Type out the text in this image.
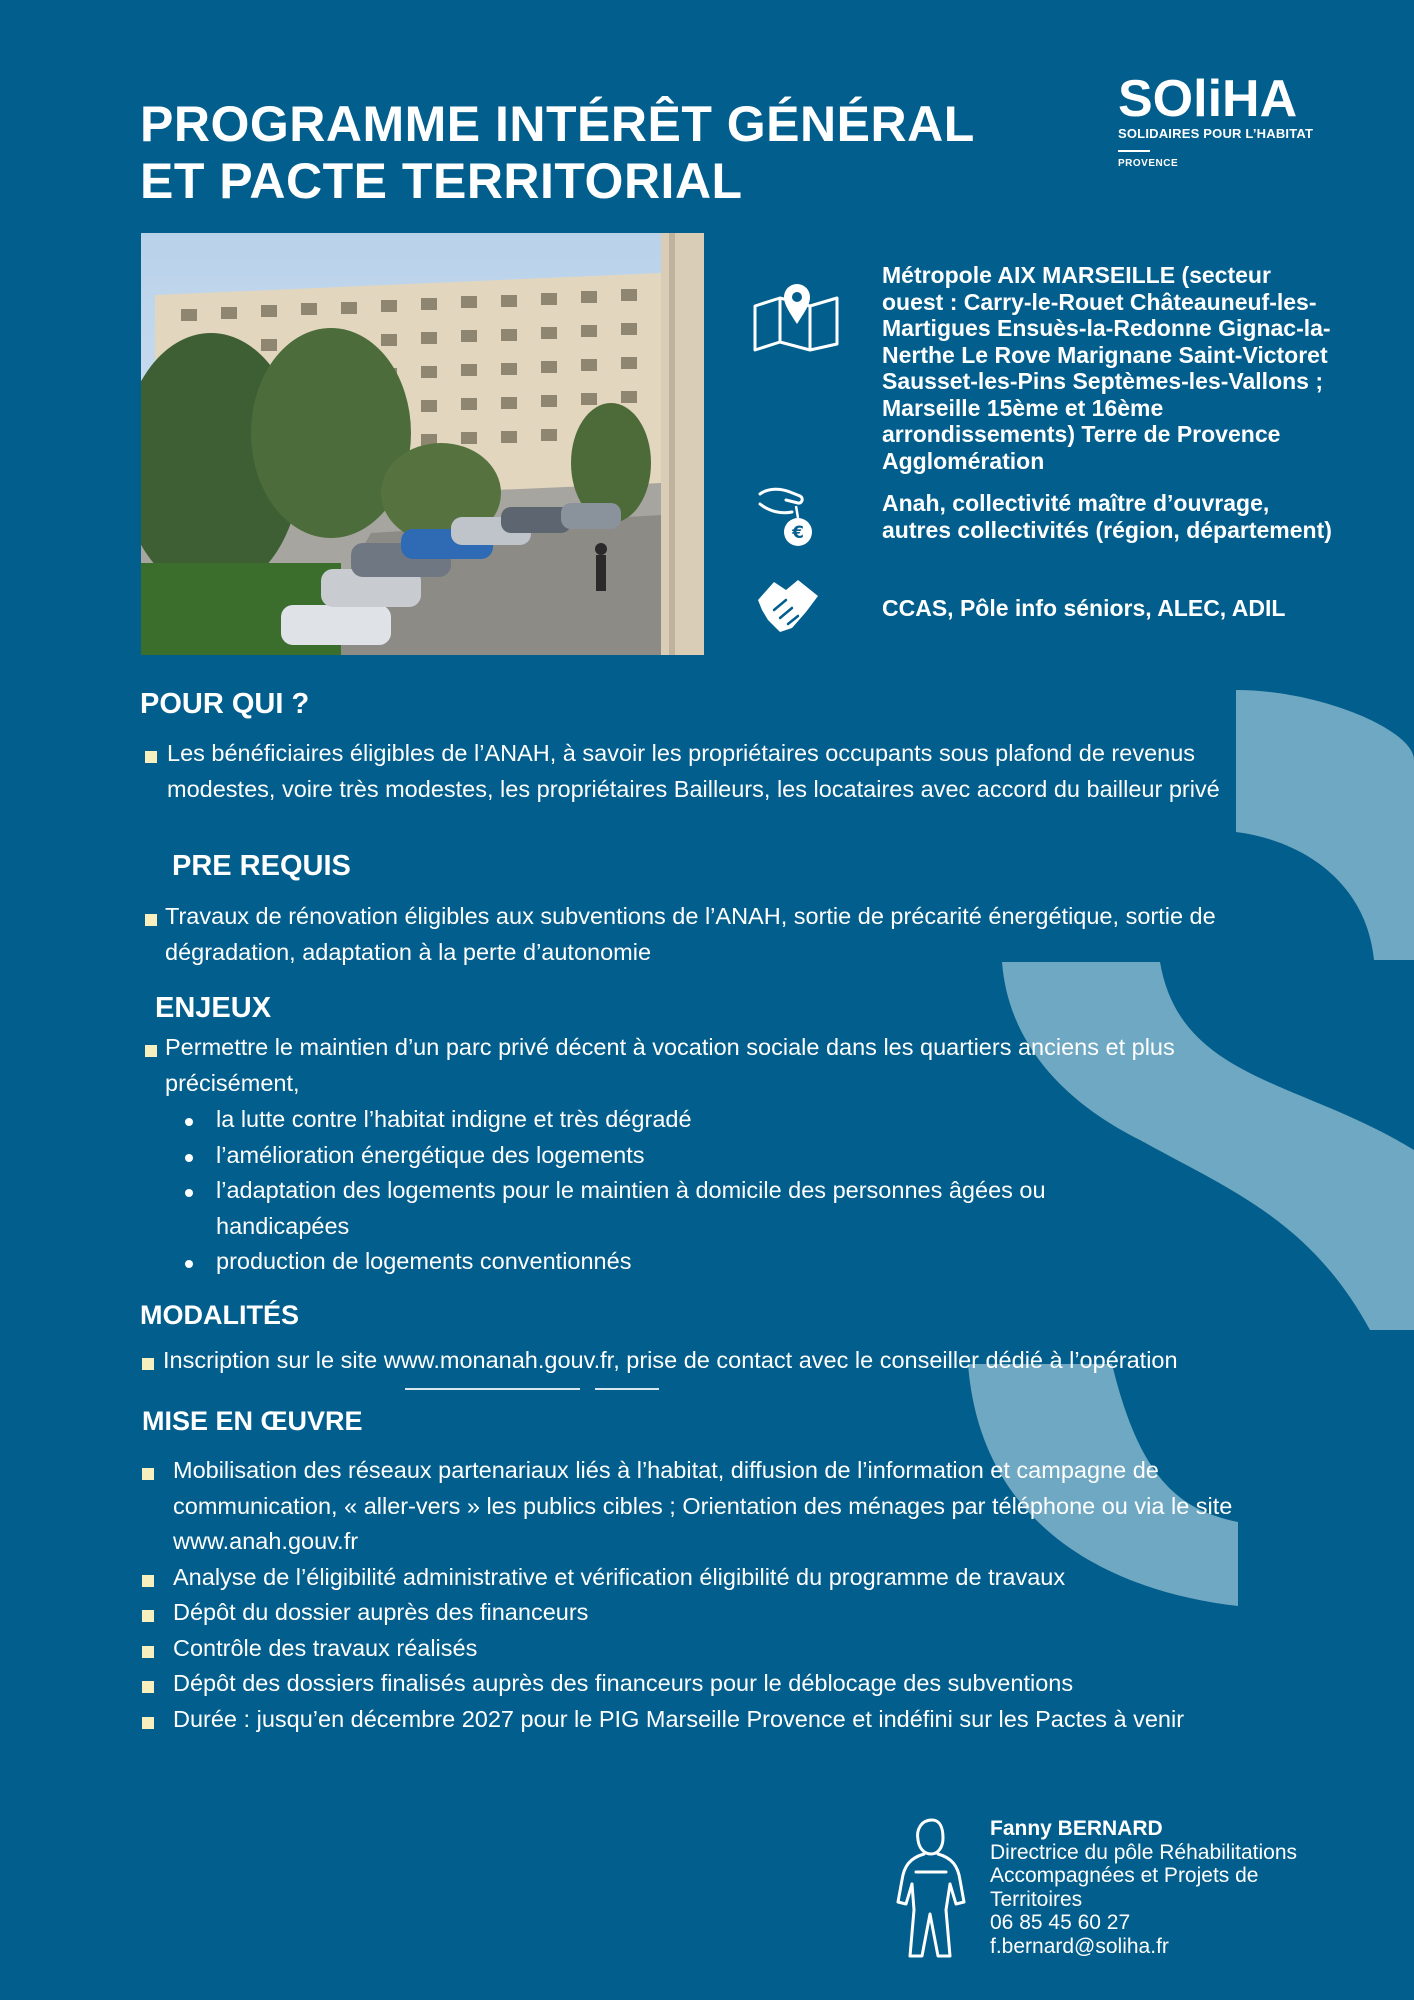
PROGRAMME INTÉRÊT GÉNÉRAL
ET PACTE TERRITORIAL
SOliHA
SOLIDAIRES POUR L’HABITAT
PROVENCE
Métropole AIX MARSEILLE (secteur ouest : Carry-le-Rouet Châteauneuf-les-Martigues Ensuès-la-Redonne Gignac-la-Nerthe Le Rove Marignane Saint-Victoret Sausset-les-Pins Septèmes-les-Vallons ; Marseille 15ème et 16ème arrondissements) Terre de Provence Agglomération
€
Anah, collectivité maître d’ouvrage, autres collectivités (région, département)
CCAS, Pôle info séniors, ALEC, ADIL
POUR QUI ?
Les bénéficiaires éligibles de l’ANAH, à savoir les propriétaires occupants sous plafond de revenus modestes, voire très modestes, les propriétaires Bailleurs, les locataires avec accord du bailleur privé
PRE REQUIS
Travaux de rénovation éligibles aux subventions de l’ANAH, sortie de précarité énergétique, sortie de dégradation, adaptation à la perte d’autonomie
ENJEUX
Permettre le maintien d’un parc privé décent à vocation sociale dans les quartiers anciens et plus précisément,
la lutte contre l’habitat indigne et très dégradé
l’amélioration énergétique des logements
l’adaptation des logements pour le maintien à domicile des personnes âgées ou handicapées
production de logements conventionnés
MODALITÉS
Inscription sur le site www.monanah.gouv.fr, prise de contact avec le conseiller dédié à l’opération
MISE EN ŒUVRE
Mobilisation des réseaux partenariaux liés à l’habitat, diffusion de l’information et campagne de communication, « aller-vers » les publics cibles ; Orientation des ménages par téléphone ou via le site www.anah.gouv.fr
Analyse de l’éligibilité administrative et vérification éligibilité du programme de travaux
Dépôt du dossier auprès des financeurs
Contrôle des travaux réalisés
Dépôt des dossiers finalisés auprès des financeurs pour le déblocage des subventions
Durée : jusqu’en décembre 2027 pour le PIG Marseille Provence et indéfini sur les Pactes à venir
Fanny BERNARD
Directrice du pôle Réhabilitations Accompagnées et Projets de Territoires
06 85 45 60 27
f.bernard@soliha.fr
